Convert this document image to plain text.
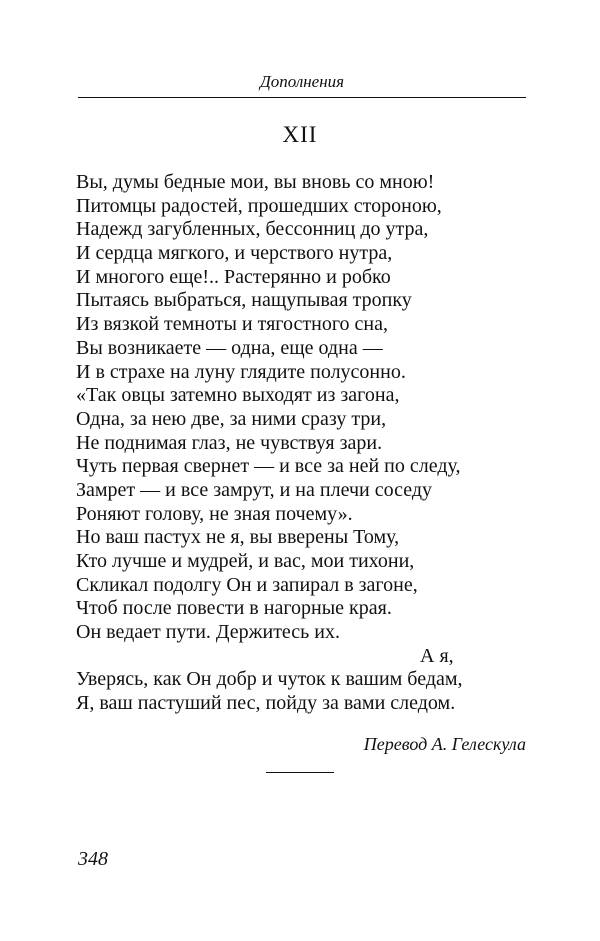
Дополнения
XII
Вы, думы бедные мои, вы вновь со мною!
Питомцы радостей, прошедших стороною,
Надежд загубленных, бессонниц до утра,
И сердца мягкого, и черствого нутра,
И многого еще!.. Растерянно и робко
Пытаясь выбраться, нащупывая тропку
Из вязкой темноты и тягостного сна,
Вы возникаете — одна, еще одна —
И в страхе на луну глядите полусонно.
«Так овцы затемно выходят из загона,
Одна, за нею две, за ними сразу три,
Не поднимая глаз, не чувствуя зари.
Чуть первая свернет — и все за ней по следу,
Замрет — и все замрут, и на плечи соседу
Роняют голову, не зная почему».
Но ваш пастух не я, вы вверены Тому,
Кто лучше и мудрей, и вас, мои тихони,
Скликал подолгу Он и запирал в загоне,
Чтоб после повести в нагорные края.
Он ведает пути. Держитесь их.
А я,
Уверясь, как Он добр и чуток к вашим бедам,
Я, ваш пастуший пес, пойду за вами следом.
Перевод А. Гелескула
348
